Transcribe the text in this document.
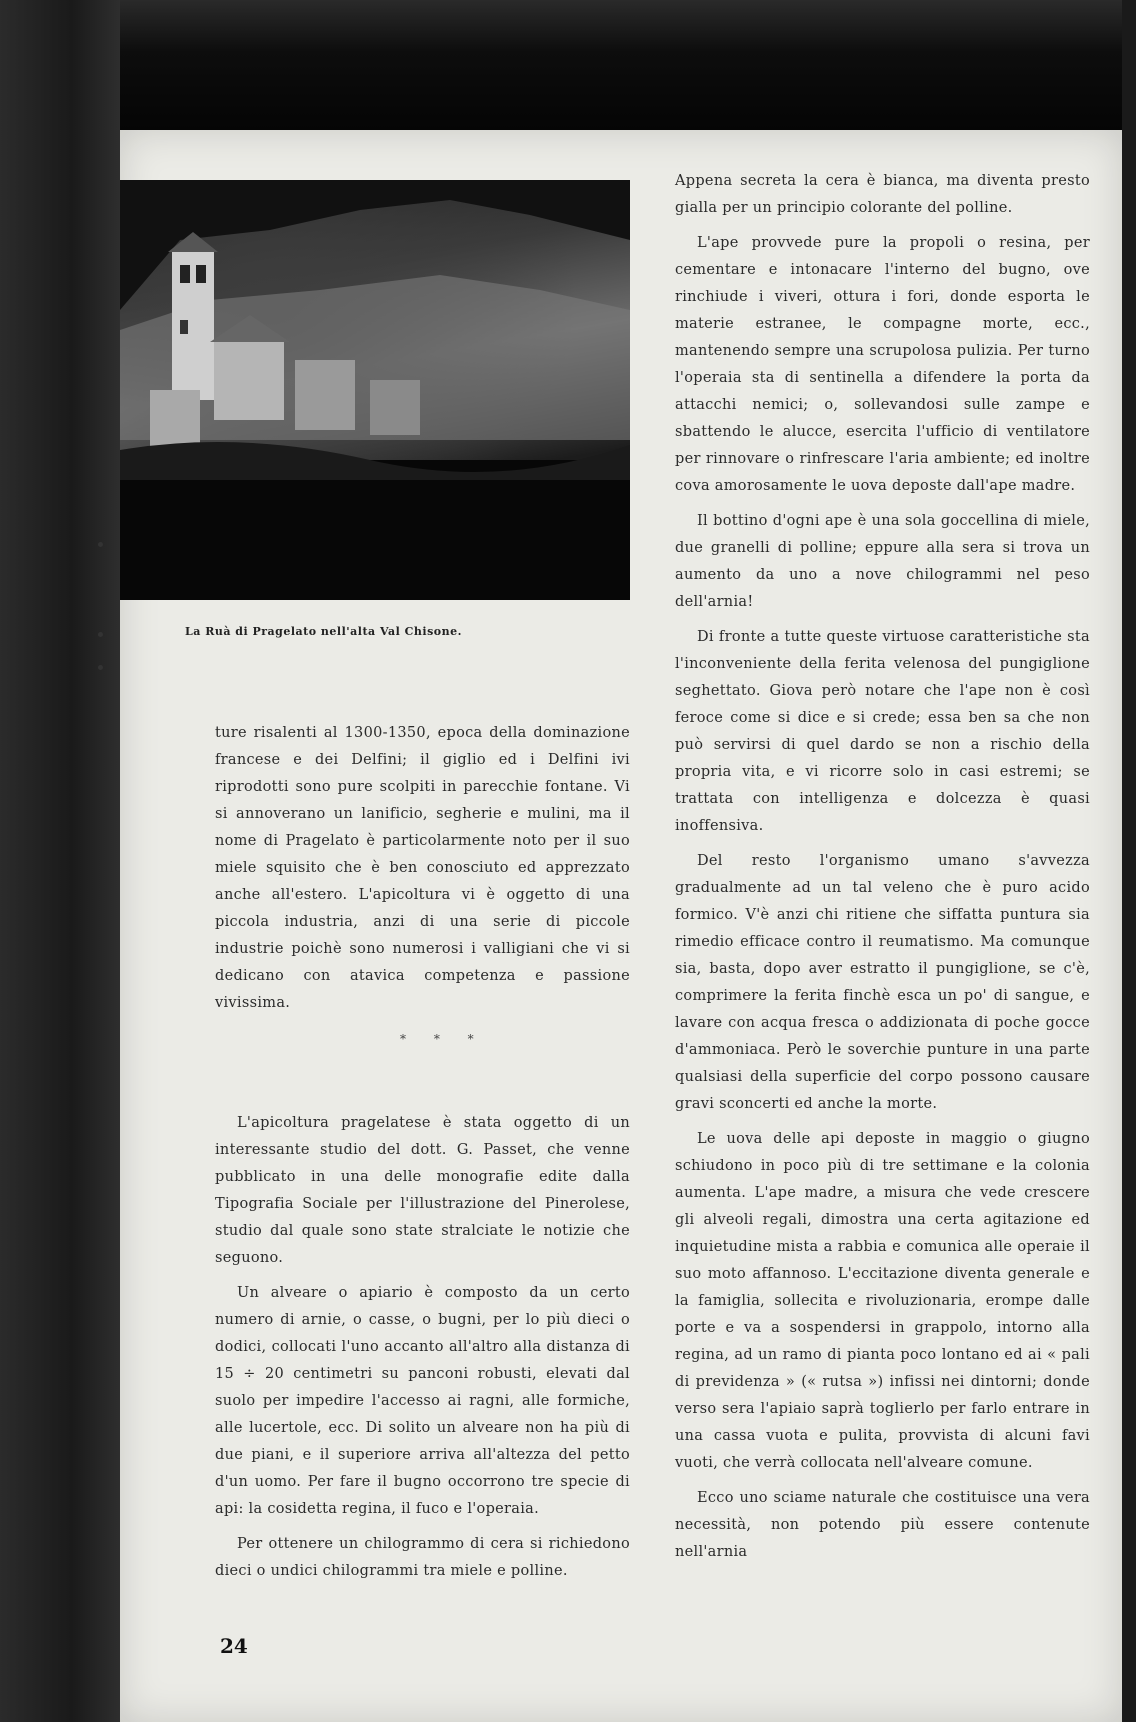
La Ruà di Pragelato nell'alta Val Chisone.

ture risalenti al 1300-1350, epoca della dominazione francese e dei Delfini; il giglio ed i Delfini ivi riprodotti sono pure scolpiti in parecchie fontane. Vi si annoverano un lanificio, segherie e mulini, ma il nome di Pragelato è particolarmente noto per il suo miele squisito che è ben conosciuto ed apprezzato anche all'estero. L'apicoltura vi è oggetto di una piccola industria, anzi di una serie di piccole industrie poichè sono numerosi i valligiani che vi si dedicano con atavica competenza e passione vivissima.

* * *

L'apicoltura pragelatese è stata oggetto di un interessante studio del dott. G. Passet, che venne pubblicato in una delle monografie edite dalla Tipografia Sociale per l'illustrazione del Pinerolese, studio dal quale sono state stralciate le notizie che seguono.

Un alveare o apiario è composto da un certo numero di arnie, o casse, o bugni, per lo più dieci o dodici, collocati l'uno accanto all'altro alla distanza di 15 ÷ 20 centimetri su panconi robusti, elevati dal suolo per impedire l'accesso ai ragni, alle formiche, alle lucertole, ecc. Di solito un alveare non ha più di due piani, e il superiore arriva all'altezza del petto d'un uomo. Per fare il bugno occorrono tre specie di api: la cosidetta regina, il fuco e l'operaia.

Per ottenere un chilogrammo di cera si richiedono dieci o undici chilogrammi tra miele e polline.

Appena secreta la cera è bianca, ma diventa presto gialla per un principio colorante del polline.

L'ape provvede pure la propoli o resina, per cementare e intonacare l'interno del bugno, ove rinchiude i viveri, ottura i fori, donde esporta le materie estranee, le compagne morte, ecc., mantenendo sempre una scrupolosa pulizia. Per turno l'operaia sta di sentinella a difendere la porta da attacchi nemici; o, sollevandosi sulle zampe e sbattendo le alucce, esercita l'ufficio di ventilatore per rinnovare o rinfrescare l'aria ambiente; ed inoltre cova amorosamente le uova deposte dall'ape madre.

Il bottino d'ogni ape è una sola goccellina di miele, due granelli di polline; eppure alla sera si trova un aumento da uno a nove chilogrammi nel peso dell'arnia!

Di fronte a tutte queste virtuose caratteristiche sta l'inconveniente della ferita velenosa del pungiglione seghettato. Giova però notare che l'ape non è così feroce come si dice e si crede; essa ben sa che non può servirsi di quel dardo se non a rischio della propria vita, e vi ricorre solo in casi estremi; se trattata con intelligenza e dolcezza è quasi inoffensiva.

Del resto l'organismo umano s'avvezza gradualmente ad un tal veleno che è puro acido formico. V'è anzi chi ritiene che siffatta puntura sia rimedio efficace contro il reumatismo. Ma comunque sia, basta, dopo aver estratto il pungiglione, se c'è, comprimere la ferita finchè esca un po' di sangue, e lavare con acqua fresca o addizionata di poche gocce d'ammoniaca. Però le soverchie punture in una parte qualsiasi della superficie del corpo possono causare gravi sconcerti ed anche la morte.

Le uova delle api deposte in maggio o giugno schiudono in poco più di tre settimane e la colonia aumenta. L'ape madre, a misura che vede crescere gli alveoli regali, dimostra una certa agitazione ed inquietudine mista a rabbia e comunica alle operaie il suo moto affannoso. L'eccitazione diventa generale e la famiglia, sollecita e rivoluzionaria, erompe dalle porte e va a sospendersi in grappolo, intorno alla regina, ad un ramo di pianta poco lontano ed ai « pali di previdenza » (« rutsa ») infissi nei dintorni; donde verso sera l'apiaio saprà toglierlo per farlo entrare in una cassa vuota e pulita, provvista di alcuni favi vuoti, che verrà collocata nell'alveare comune.

Ecco uno sciame naturale che costituisce una vera necessità, non potendo più essere contenute nell'arnia

24
